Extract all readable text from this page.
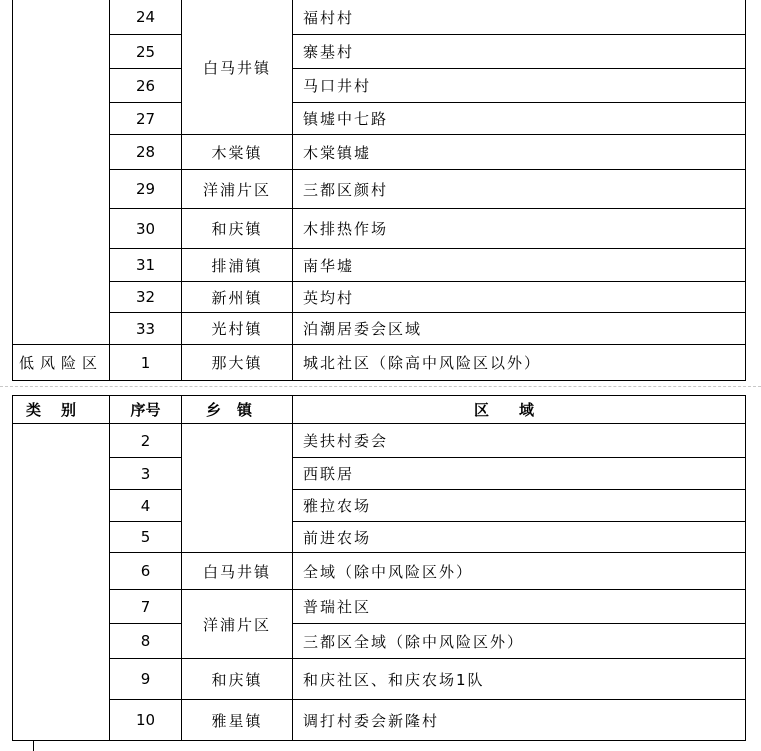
	24	白马井镇	福村村
	25		寨基村
	26		马口井村
	27		镇墟中七路
	28	木棠镇	木棠镇墟
	29	洋浦片区	三都区颜村
	30	和庆镇	木排热作场
	31	排浦镇	南华墟
	32	新州镇	英均村
	33	光村镇	泊潮居委会区域
低风险区	1	那大镇	城北社区（除高中风险区以外）
类别	序号	乡镇	区域
	2		美扶村委会
	3		西联居
	4		雅拉农场
	5		前进农场
	6	白马井镇	全域（除中风险区外）
	7	洋浦片区	普瑞社区
	8		三都区全域（除中风险区外）
	9	和庆镇	和庆社区、和庆农场1队
	10	雅星镇	调打村委会新隆村
